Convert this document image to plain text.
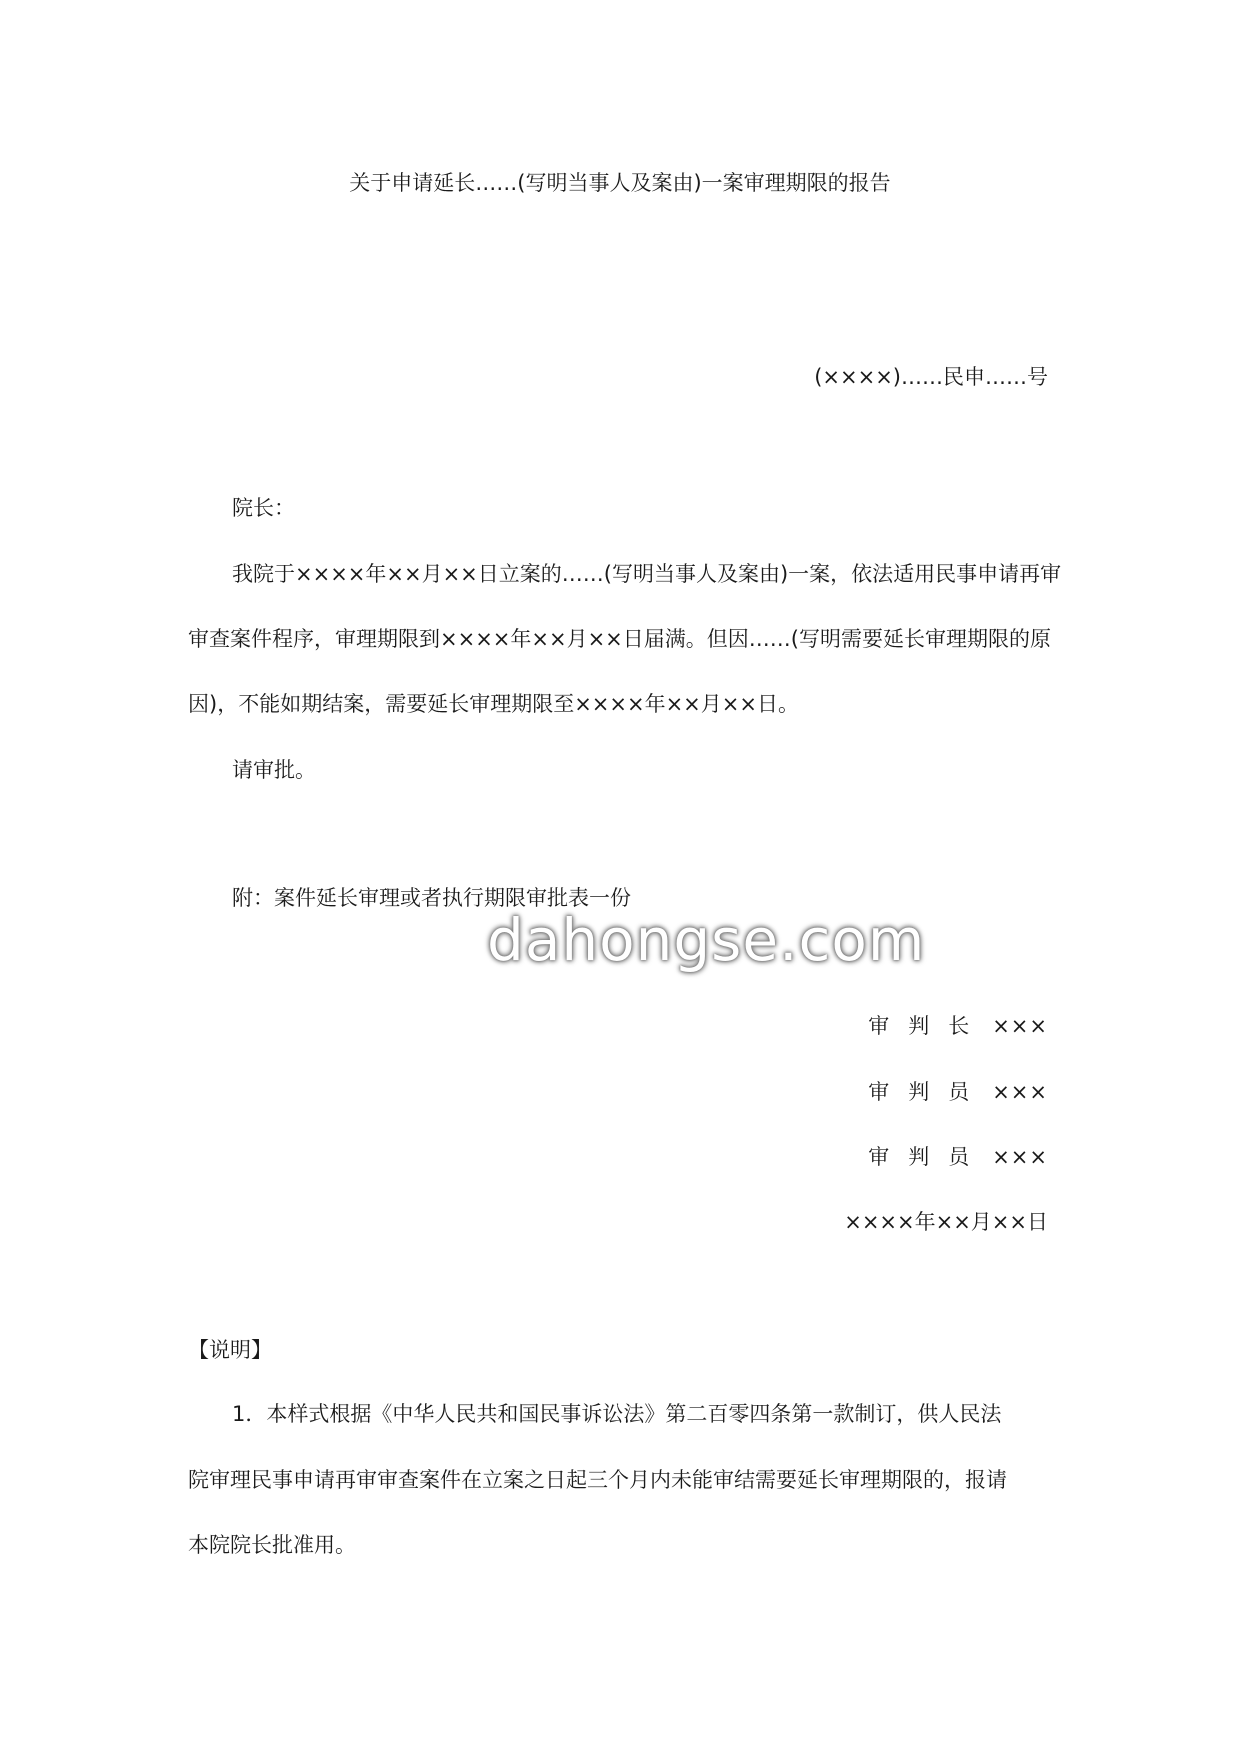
关于申请延长……(写明当事人及案由)一案审理期限的报告
(××××)……民申……号
院长：
我院于××××年××月××日立案的……(写明当事人及案由)一案，依法适用民事申请再审
审查案件程序，审理期限到××××年××月××日届满。但因……(写明需要延长审理期限的原
因)，不能如期结案，需要延长审理期限至××××年××月××日。
请审批。
附：案件延长审理或者执行期限审批表一份
dahongse.com
审判长 ×××
审判员 ×××
审判员 ×××
××××年××月××日
【说明】
1．本样式根据《中华人民共和国民事诉讼法》第二百零四条第一款制订，供人民法
院审理民事申请再审审查案件在立案之日起三个月内未能审结需要延长审理期限的，报请
本院院长批准用。
